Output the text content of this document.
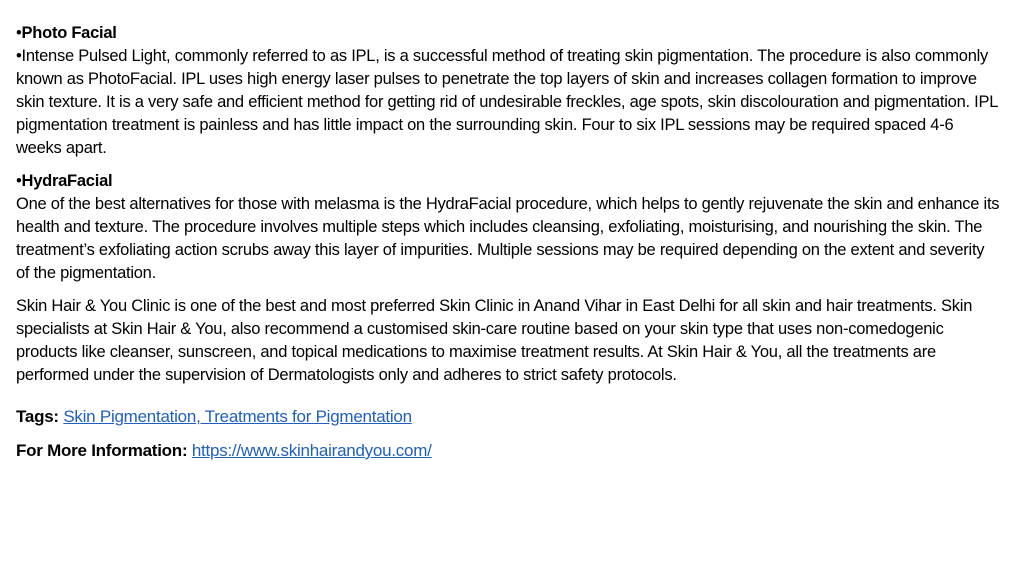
•Photo Facial
•Intense Pulsed Light, commonly referred to as IPL, is a successful method of treating skin pigmentation. The procedure is also commonly known as PhotoFacial. IPL uses high energy laser pulses to penetrate the top layers of skin and increases collagen formation to improve skin texture. It is a very safe and efficient method for getting rid of undesirable freckles, age spots, skin discolouration and pigmentation. IPL pigmentation treatment is painless and has little impact on the surrounding skin. Four to six IPL sessions may be required spaced 4-6 weeks apart.
•HydraFacial
One of the best alternatives for those with melasma is the HydraFacial procedure, which helps to gently rejuvenate the skin and enhance its health and texture. The procedure involves multiple steps which includes cleansing, exfoliating, moisturising, and nourishing the skin. The treatment’s exfoliating action scrubs away this layer of impurities. Multiple sessions may be required depending on the extent and severity of the pigmentation.
Skin Hair & You Clinic is one of the best and most preferred Skin Clinic in Anand Vihar in East Delhi for all skin and hair treatments. Skin specialists at Skin Hair & You, also recommend a customised skin-care routine based on your skin type that uses non-comedogenic products like cleanser, sunscreen, and topical medications to maximise treatment results. At Skin Hair & You, all the treatments are performed under the supervision of Dermatologists only and adheres to strict safety protocols.
Tags: Skin Pigmentation, Treatments for Pigmentation
For More Information: https://www.skinhairandyou.com/
